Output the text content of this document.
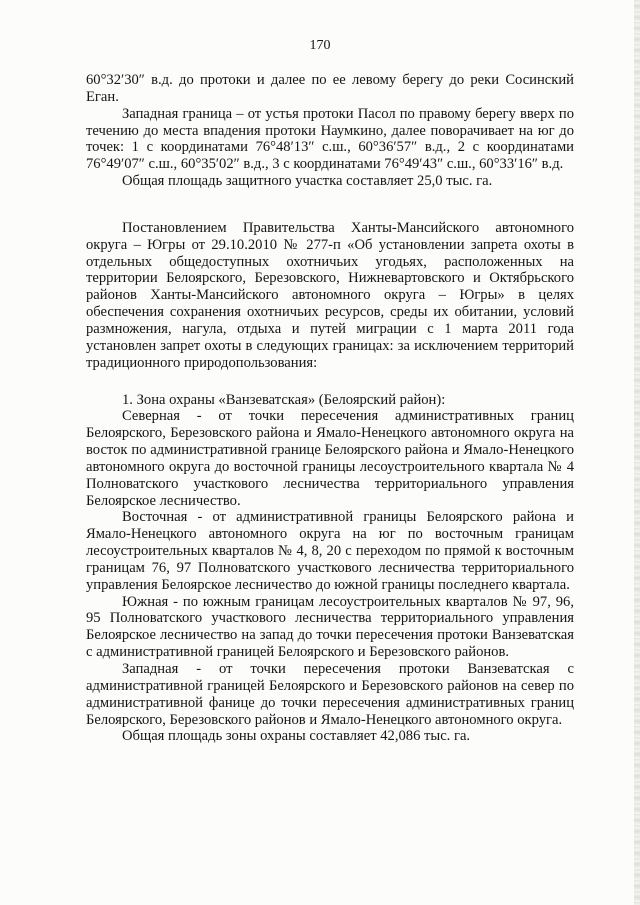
170

60°32′30″ в.д. до протоки и далее по ее левому берегу до реки Сосинский Еган.

Западная граница – от устья протоки Пасол по правому берегу вверх по течению до места впадения протоки Наумкино, далее поворачивает на юг до точек: 1 с координатами 76°48′13″ с.ш., 60°36′57″ в.д., 2 с координатами 76°49′07″ с.ш., 60°35′02″ в.д., 3 с координатами 76°49′43″ с.ш., 60°33′16″ в.д.

Общая площадь защитного участка составляет 25,0 тыс. га.

Постановлением Правительства Ханты-Мансийского автономного округа – Югры от 29.10.2010 № 277-п «Об установлении запрета охоты в отдельных общедоступных охотничьих угодьях, расположенных на территории Белоярского, Березовского, Нижневартовского и Октябрьского районов Ханты-Мансийского автономного округа – Югры» в целях обеспечения сохранения охотничьих ресурсов, среды их обитании, условий размножения, нагула, отдыха и путей миграции с 1 марта 2011 года установлен запрет охоты в следующих границах: за исключением территорий традиционного природопользования:

1. Зона охраны «Ванзеватская» (Белоярский район):

Северная - от точки пересечения административных границ Белоярского, Березовского района и Ямало-Ненецкого автономного округа на восток по административной границе Белоярского района и Ямало-Ненецкого автономного округа до восточной границы лесоустроительного квартала № 4 Полноватского участкового лесничества территориального управления Белоярское лесничество.

Восточная - от административной границы Белоярского района и Ямало-Ненецкого автономного округа на юг по восточным границам лесоустроительных кварталов № 4, 8, 20 с переходом по прямой к восточным границам 76, 97 Полноватского участкового лесничества территориального управления Белоярское лесничество до южной границы последнего квартала.

Южная - по южным границам лесоустроительных кварталов № 97, 96, 95 Полноватского участкового лесничества территориального управления Белоярское лесничество на запад до точки пересечения протоки Ванзеватская с административной границей Белоярского и Березовского районов.

Западная - от точки пересечения протоки Ванзеватская с административной границей Белоярского и Березовского районов на север по административной фанице до точки пересечения административных границ Белоярского, Березовского районов и Ямало-Ненецкого автономного округа.

Общая площадь зоны охраны составляет 42,086 тыс. га.
